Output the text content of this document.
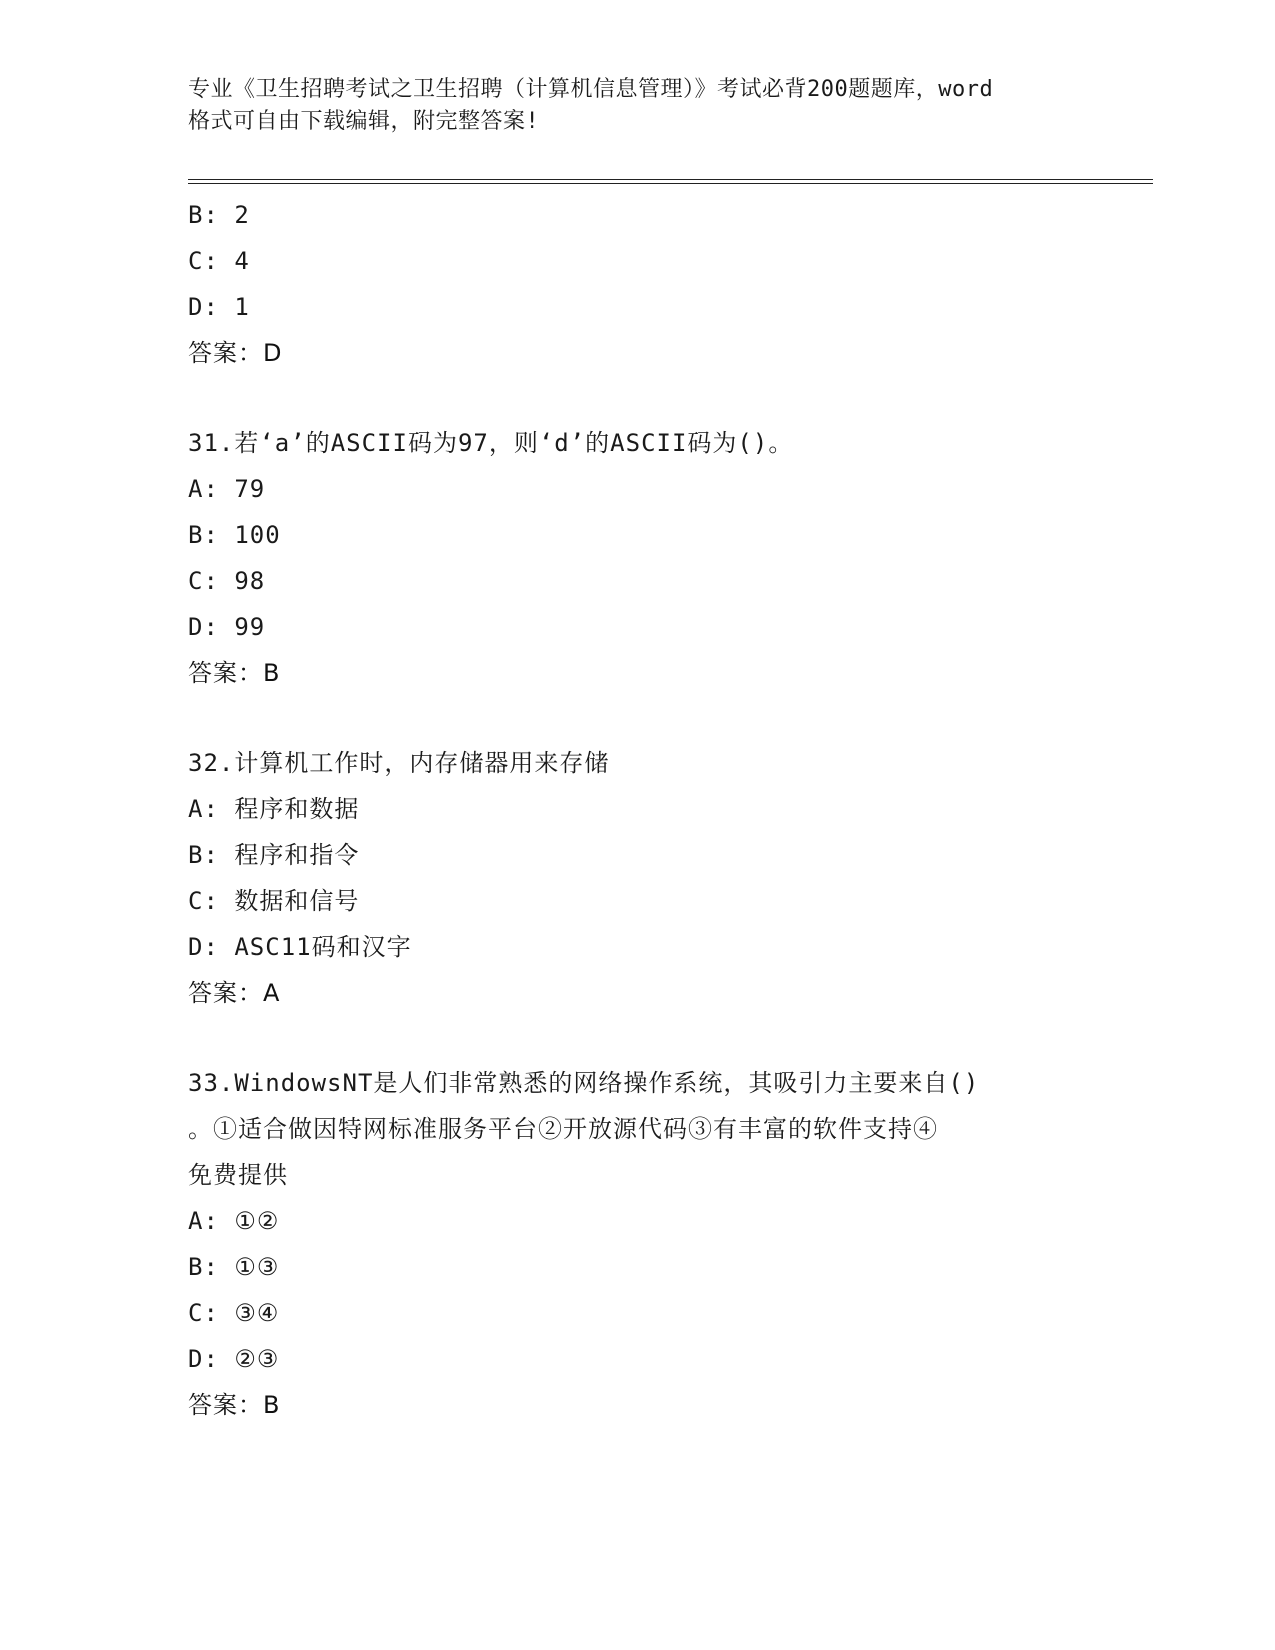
专业《卫生招聘考试之卫生招聘（计算机信息管理）》考试必背200题题库，word
格式可自由下载编辑，附完整答案!
B: 2
C: 4
D: 1
答案：D
31.若‘a’的ASCII码为97，则‘d’的ASCII码为()。
A: 79
B: 100
C: 98
D: 99
答案：B
32.计算机工作时，内存储器用来存储
A: 程序和数据
B: 程序和指令
C: 数据和信号
D: ASC11码和汉字
答案：A
33.WindowsNT是人们非常熟悉的网络操作系统，其吸引力主要来自()
。①适合做因特网标准服务平台②开放源代码③有丰富的软件支持④
免费提供
A: ①②
B: ①③
C: ③④
D: ②③
答案：B
